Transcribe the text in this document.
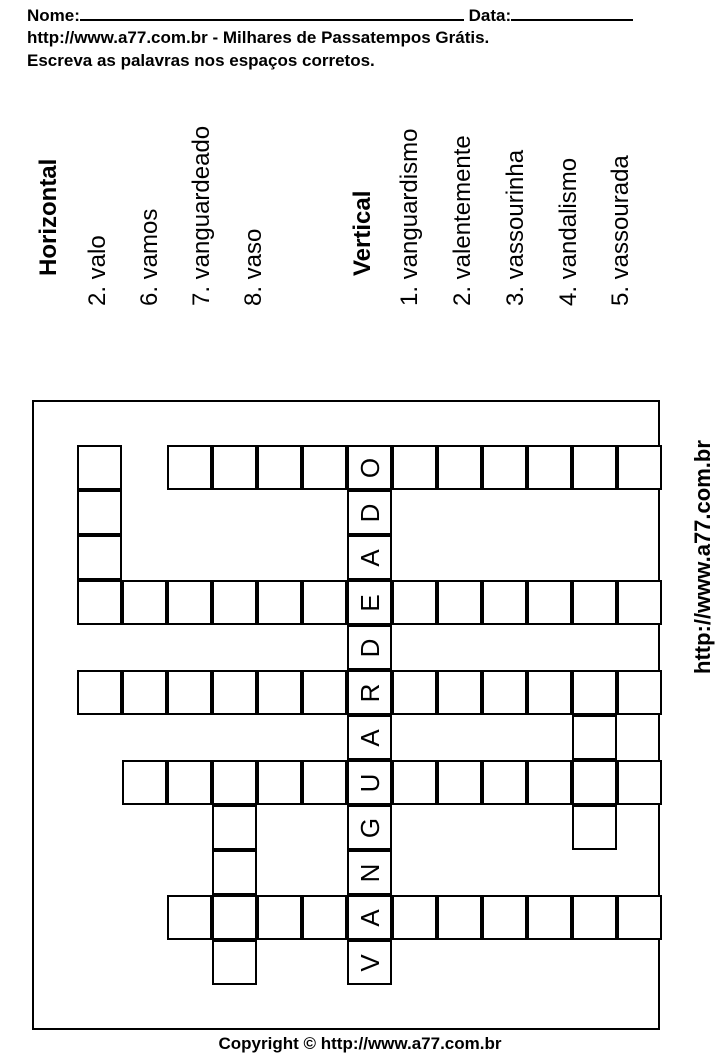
Nome:	Data:
http://www.a77.com.br - Milhares de Passatempos Grátis.
Escreva as palavras nos espaços corretos.
Horizontal 2. valo 6. vamos 7. vanguardeado 8. vaso	Vertical 1. vanguardismo 2. valentemente 3. vassourinha 4. vandalismo 5. vassourada
http://www.a77.com.br
O
E
R
U
A
D
A
D
A
G
N
V
Copyright © http://www.a77.com.br
